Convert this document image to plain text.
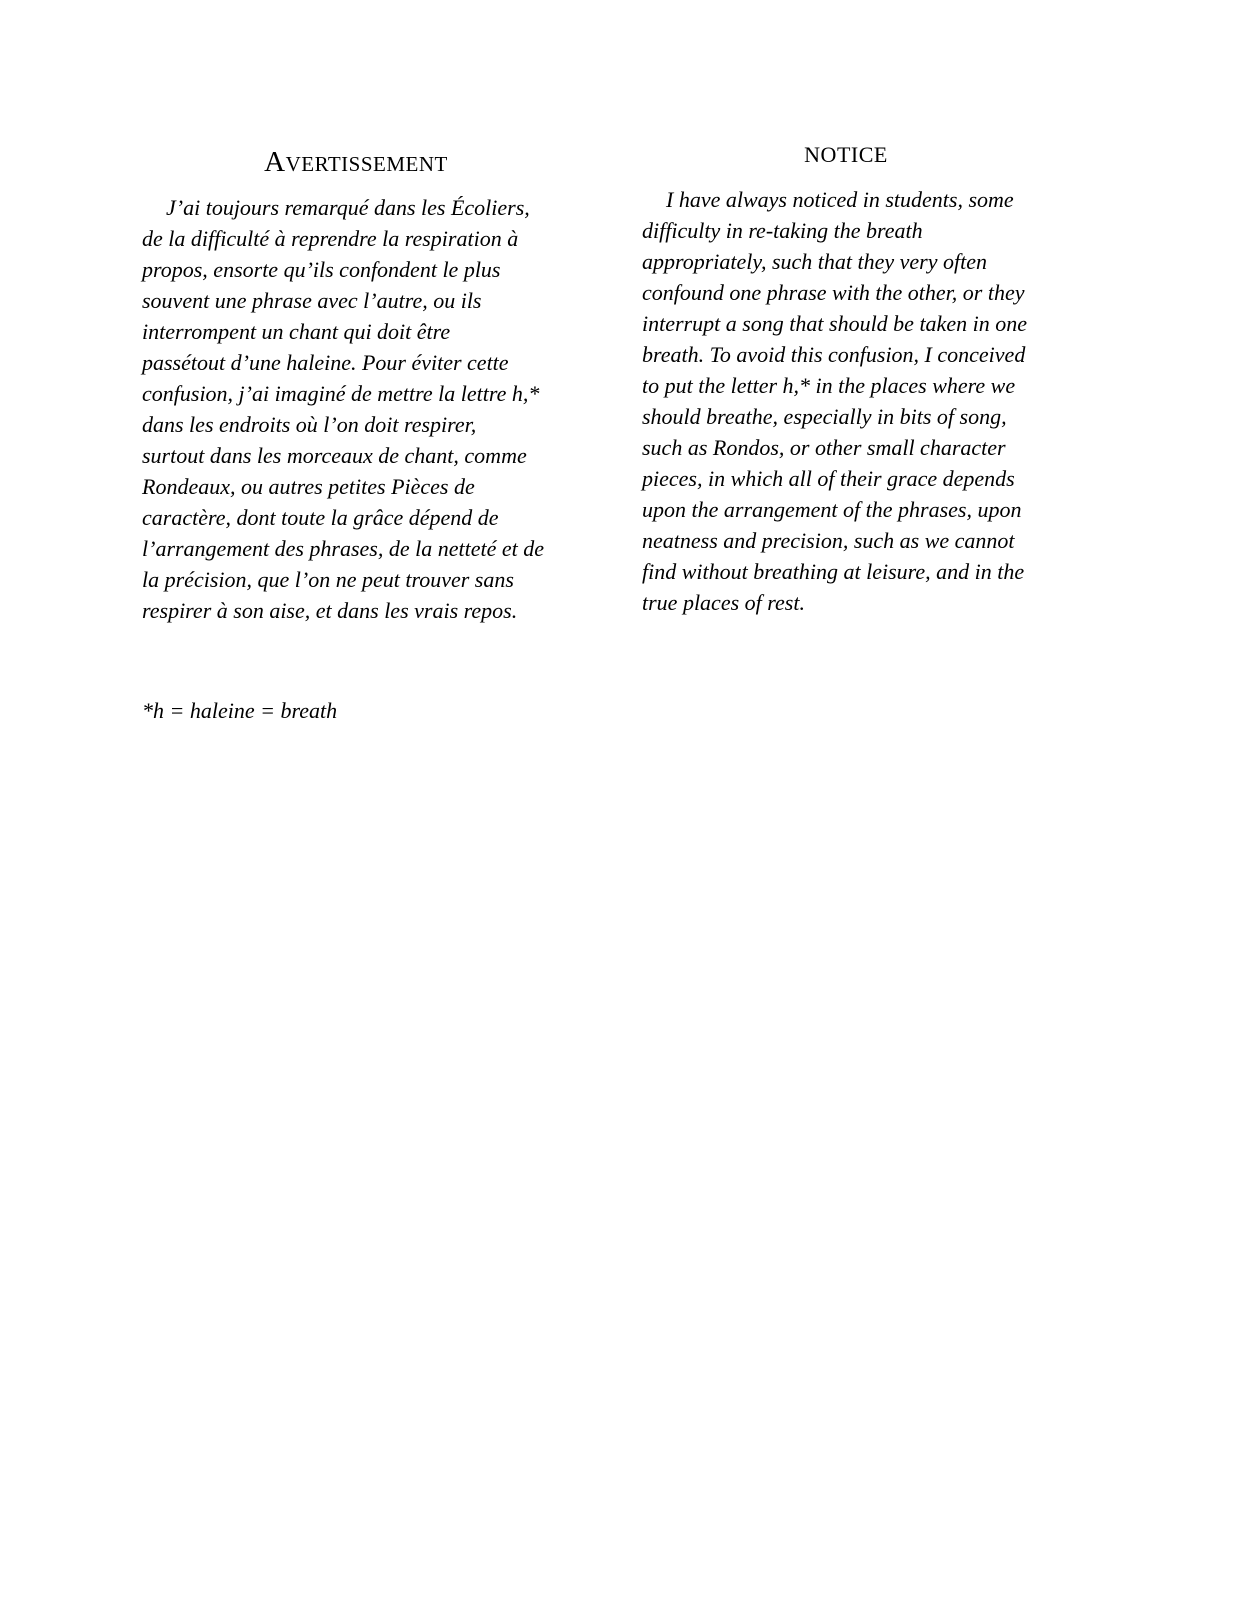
AVERTISSEMENT

J’ai toujours remarqué dans les Écoliers,

de la difficulté à reprendre la respiration à

propos, ensorte qu’ils confondent le plus

souvent une phrase avec l’autre, ou ils

interrompent un chant qui doit être

passétout d’une haleine. Pour éviter cette

confusion, j’ai imaginé de mettre la lettre h,*

dans les endroits où l’on doit respirer,

surtout dans les morceaux de chant, comme

Rondeaux, ou autres petites Pièces de

caractère, dont toute la grâce dépend de

l’arrangement des phrases, de la netteté et de

la précision, que l’on ne peut trouver sans

respirer à son aise, et dans les vrais repos.

NOTICE

I have always noticed in students, some

difficulty in re-taking the breath

appropriately, such that they very often

confound one phrase with the other, or they

interrupt a song that should be taken in one

breath. To avoid this confusion, I conceived

to put the letter h,* in the places where we

should breathe, especially in bits of song,

such as Rondos, or other small character

pieces, in which all of their grace depends

upon the arrangement of the phrases, upon

neatness and precision, such as we cannot

find without breathing at leisure, and in the

true places of rest.

*h = haleine = breath
